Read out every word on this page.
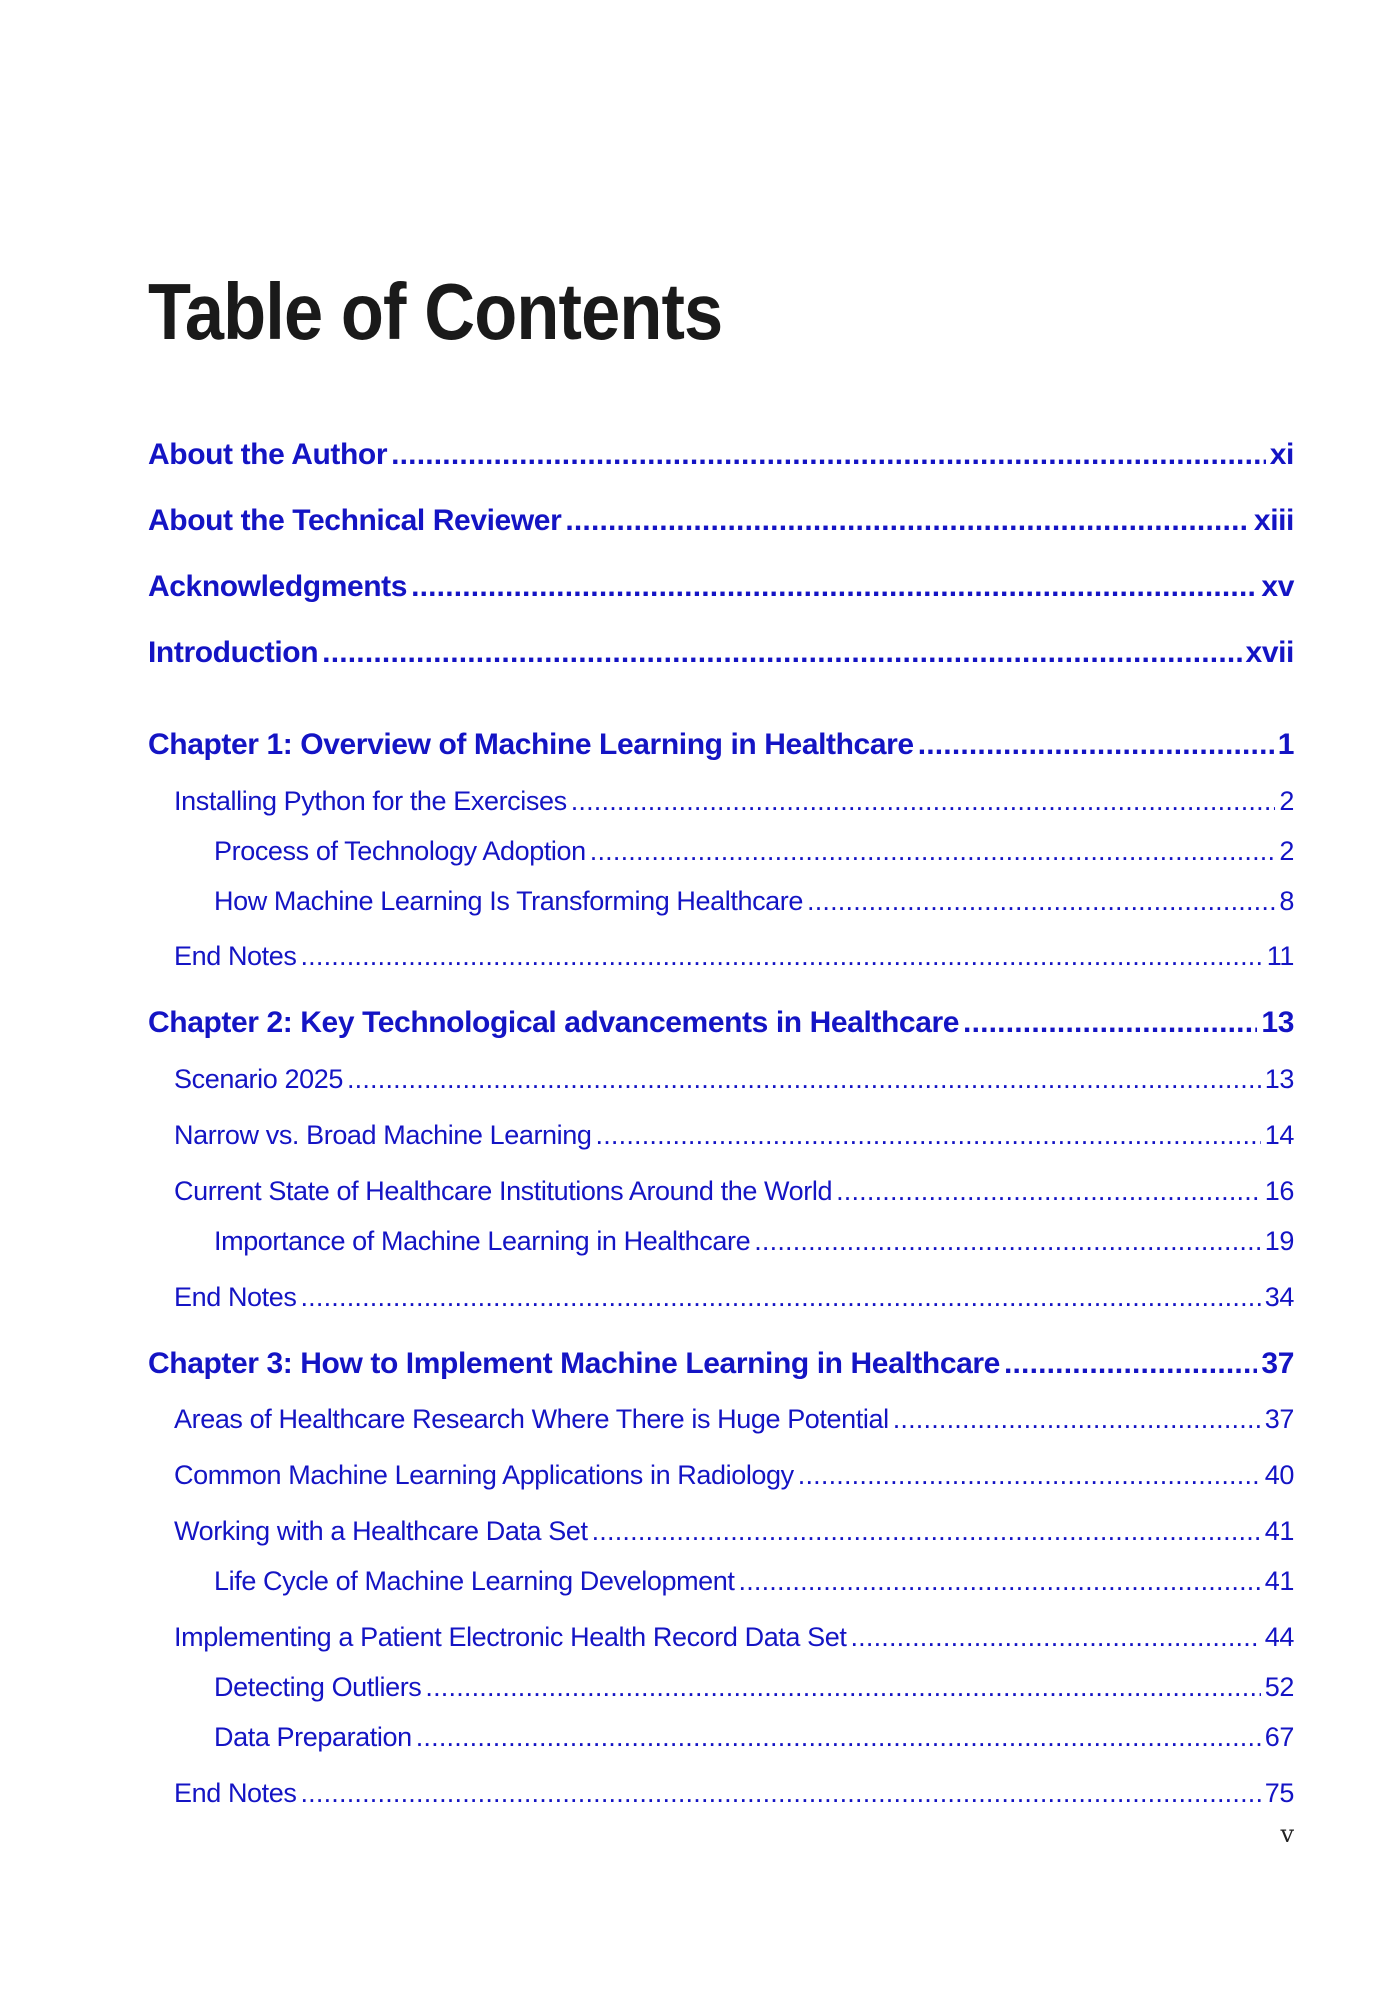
Table of Contents
About the Author .....	xi
About the Technical Reviewer .....	xiii
Acknowledgments .....	xv
Introduction .....	xvii
Chapter 1: Overview of Machine Learning in Healthcare .....	1
Installing Python for the Exercises .....	2
Process of Technology Adoption .....	2
How Machine Learning Is Transforming Healthcare .....	8
End Notes .....	11
Chapter 2: Key Technological advancements in Healthcare .....	13
Scenario 2025 .....	13
Narrow vs. Broad Machine Learning .....	14
Current State of Healthcare Institutions Around the World .....	16
Importance of Machine Learning in Healthcare .....	19
End Notes .....	34
Chapter 3: How to Implement Machine Learning in Healthcare .....	37
Areas of Healthcare Research Where There is Huge Potential .....	37
Common Machine Learning Applications in Radiology .....	40
Working with a Healthcare Data Set .....	41
Life Cycle of Machine Learning Development .....	41
Implementing a Patient Electronic Health Record Data Set .....	44
Detecting Outliers .....	52
Data Preparation .....	67
End Notes .....	75
v
